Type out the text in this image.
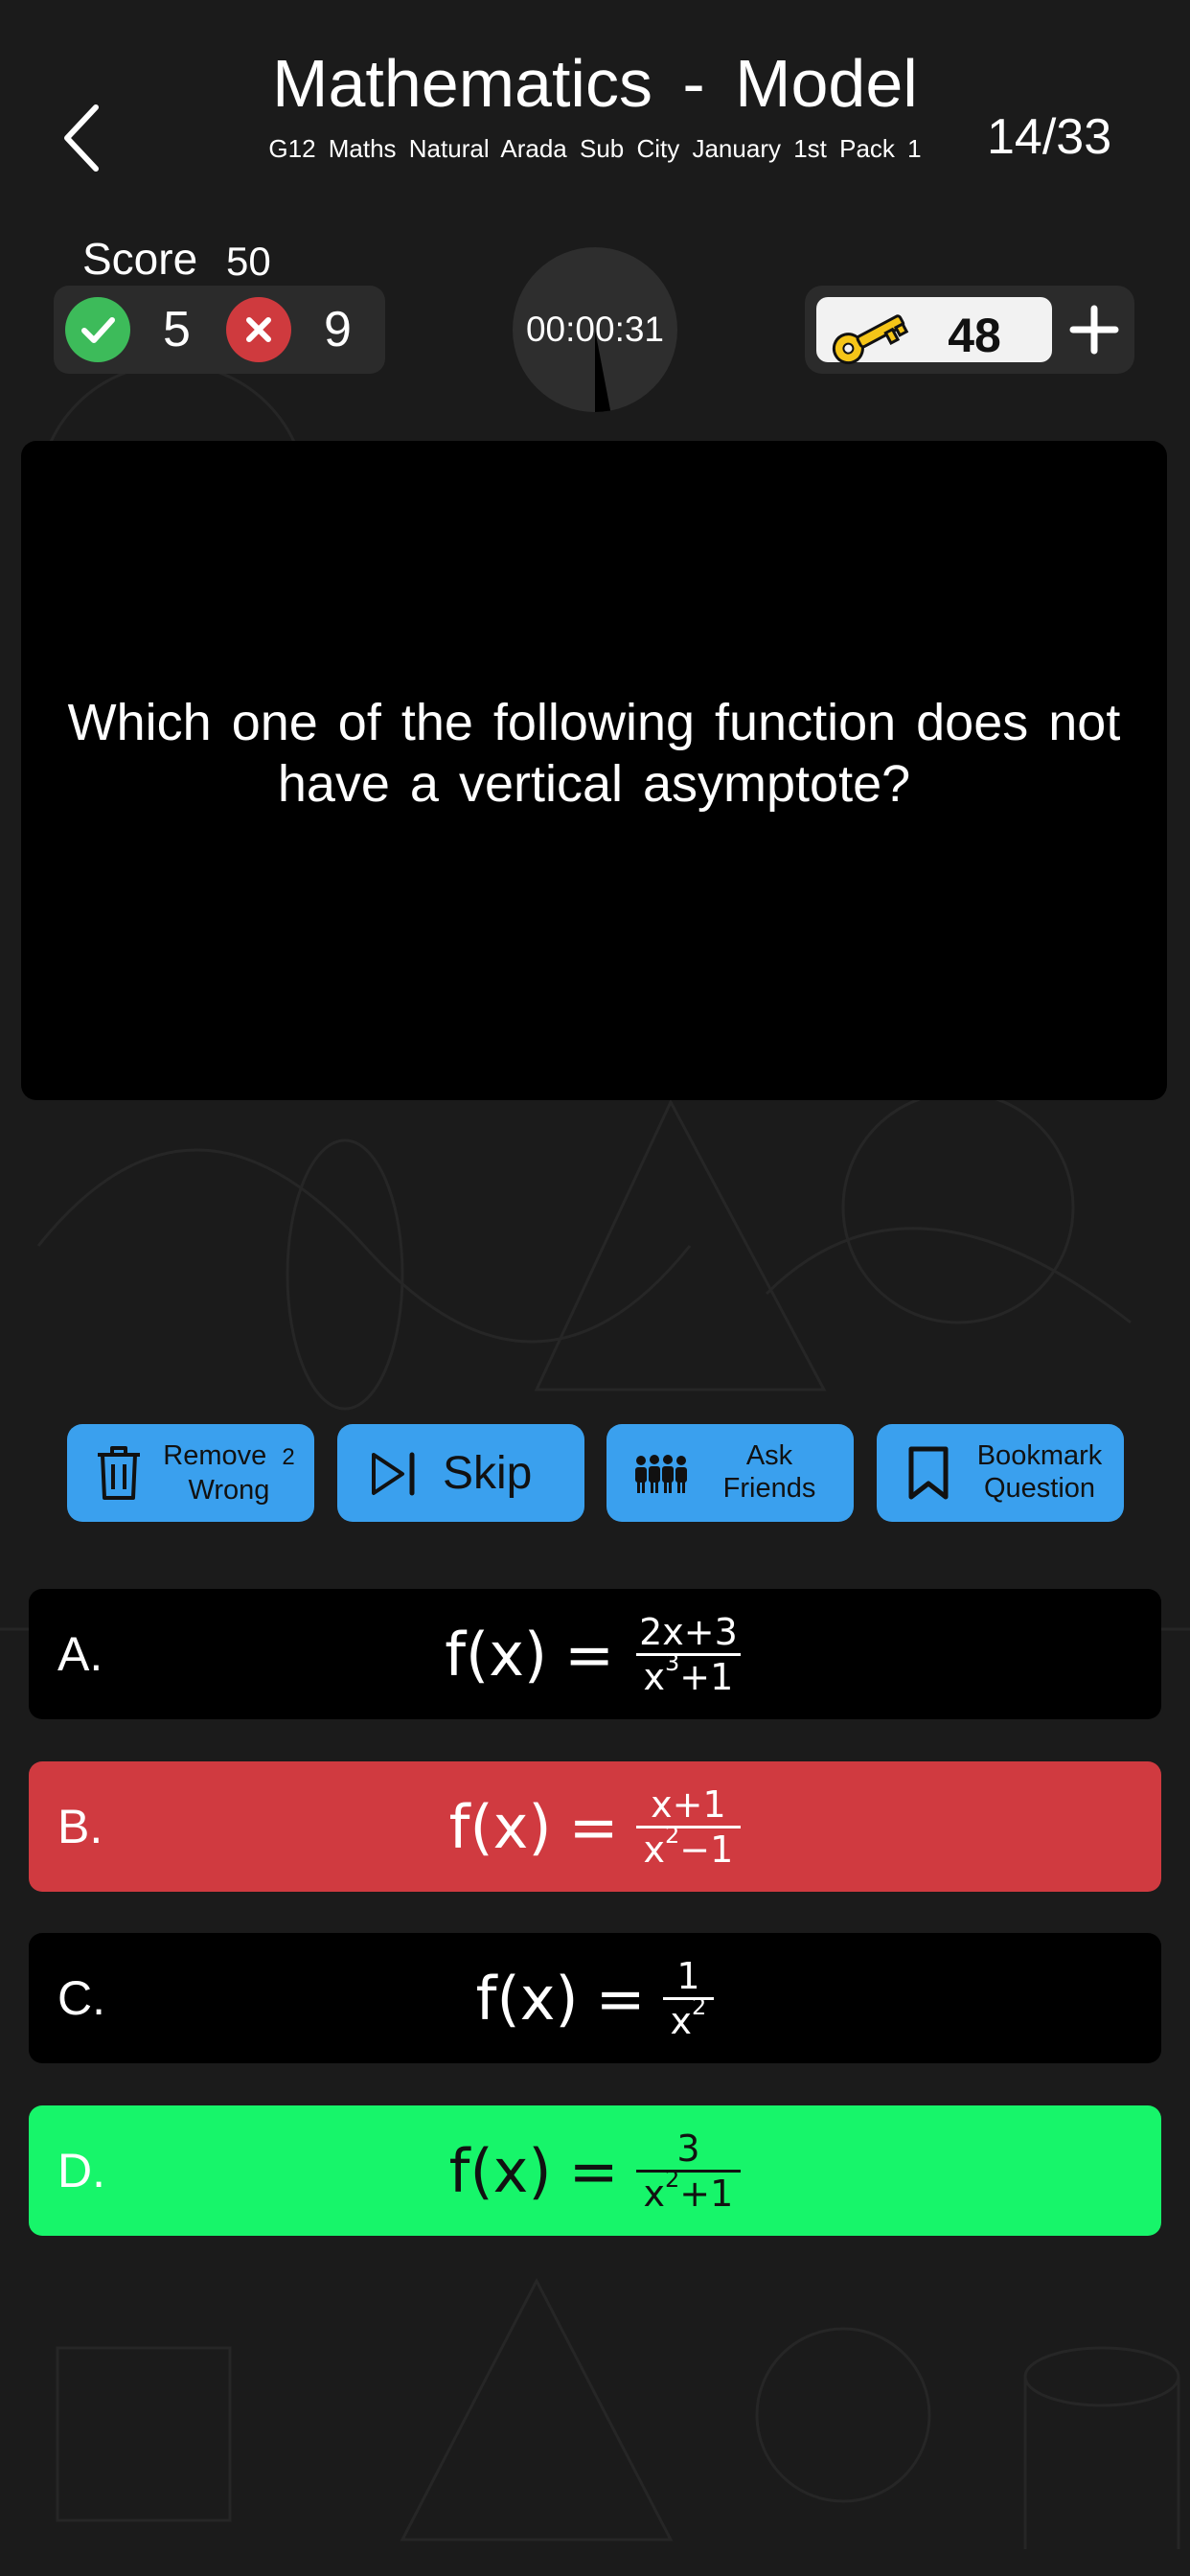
Mathematics - Model
G12 Maths Natural Arada Sub City January 1st Pack 1	14/33
Score 50
5	9	00:00:31	48
Which one of the following function does not have a vertical asymptote?
Remove 2
Wrong	Skip	Ask
Friends
Bookmark
Question
A.	$f(x) = \frac{2x+3}{x^3+1}$
B.	$f(x) = \frac{x+1}{x^2-1}$
C.	$f(x) = \frac{1}{x^2}$
D.	$f(x) = \frac{3}{x^2+1}$
